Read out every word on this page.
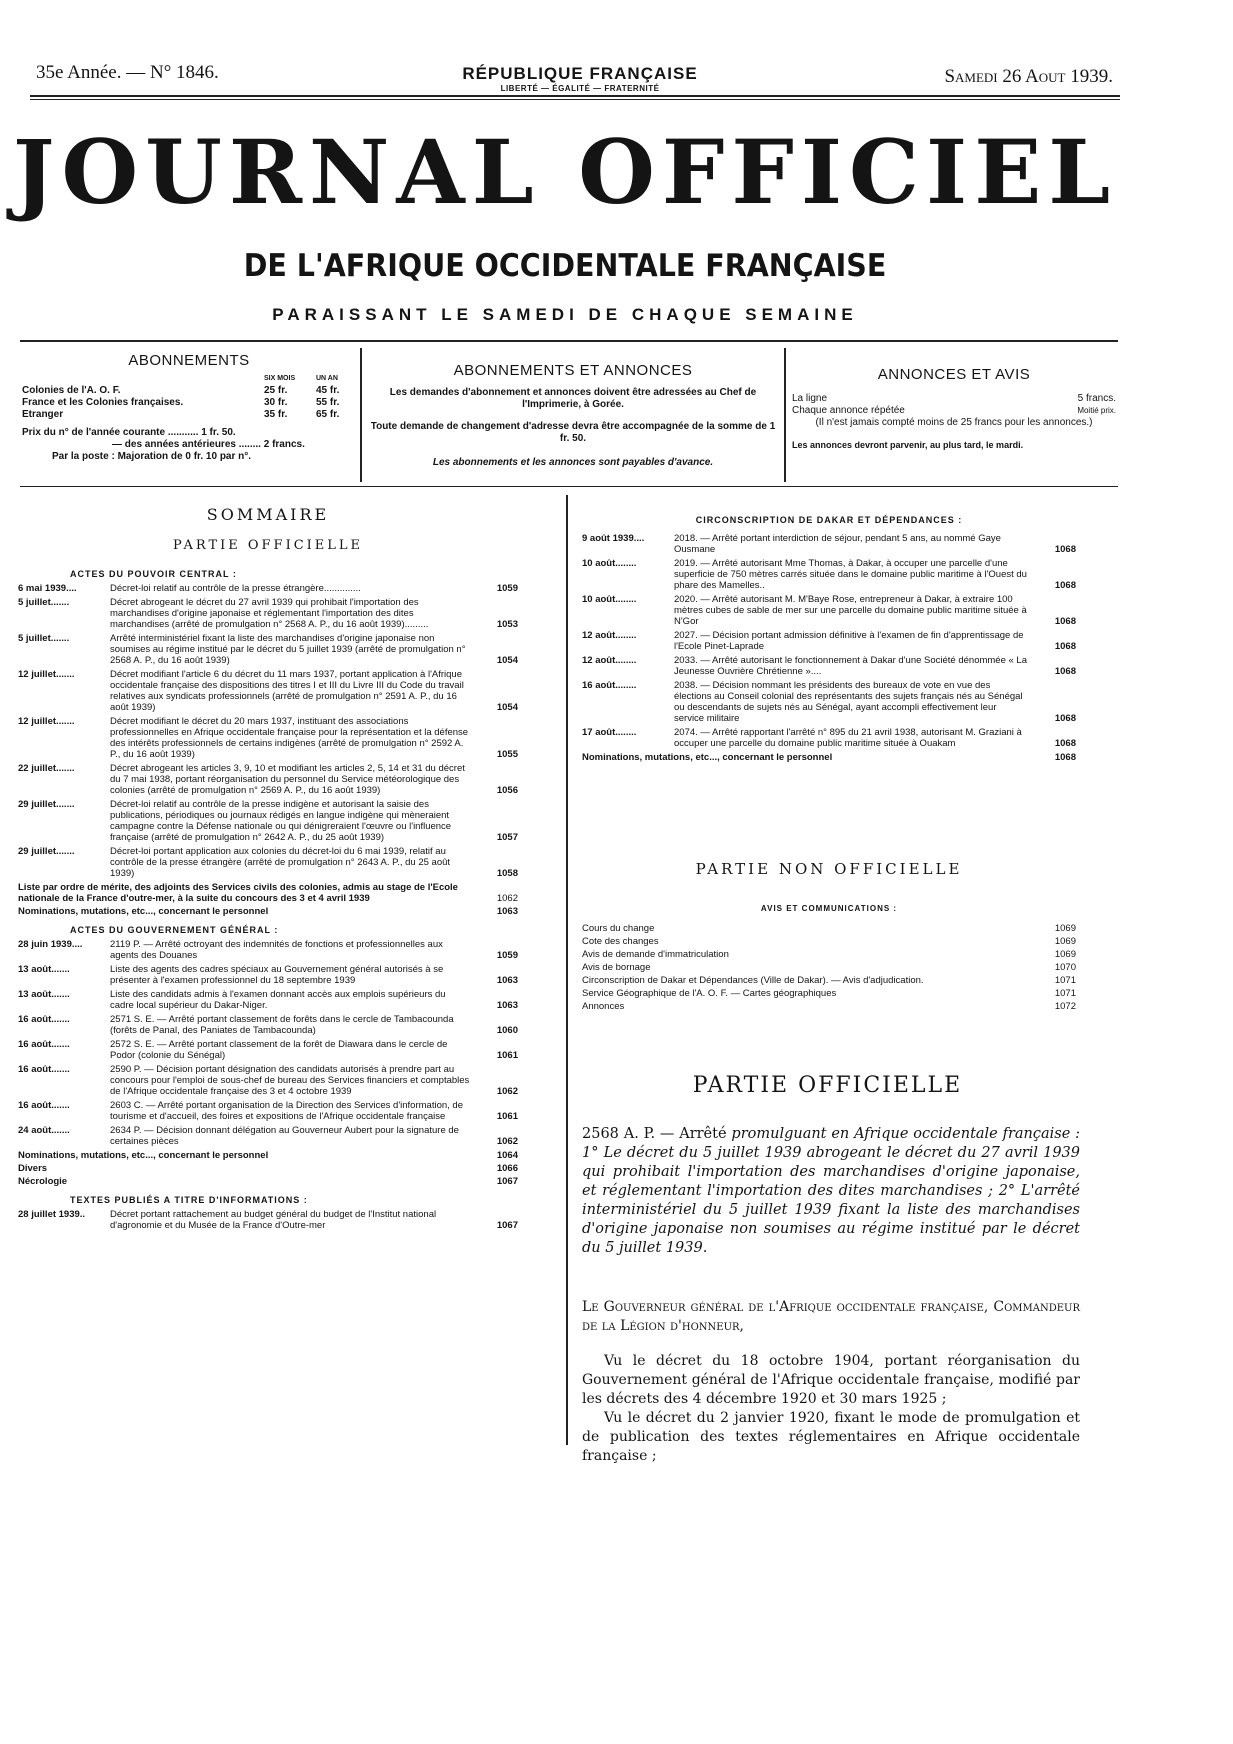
35e Année. — N° 1846.	RÉPUBLIQUE FRANÇAISE
LIBERTÉ — ÉGALITÉ — FRATERNITÉ
Samedi 26 Aout 1939.
JOURNAL OFFICIEL
DE L'AFRIQUE OCCIDENTALE FRANÇAISE
PARAISSANT LE SAMEDI DE CHAQUE SEMAINE
ABONNEMENTS
SIX MOIS	UN AN
Colonies de l'A. O. F.	25 fr.	45 fr.
France et les Colonies françaises.	30 fr.	55 fr.
Etranger	35 fr.	65 fr.
Prix du n° de l'année courante ........... 1 fr. 50.
— des années antérieures ........ 2 francs.
Par la poste : Majoration de 0 fr. 10 par n°.
ABONNEMENTS ET ANNONCES
Les demandes d'abonnement et annonces doivent être adressées au Chef de l'Imprimerie, à Gorée.
Toute demande de changement d'adresse devra être accompagnée de la somme de 1 fr. 50.
Les abonnements et les annonces sont payables d'avance.
ANNONCES ET AVIS
La ligne	5 francs.
Chaque annonce répétée	Moitié prix.
(Il n'est jamais compté moins de 25 francs pour les annonces.)
Les annonces devront parvenir, au plus tard, le mardi.
SOMMAIRE
PARTIE OFFICIELLE
ACTES DU POUVOIR CENTRAL :
6 mai 1939....	Décret-loi relatif au contrôle de la presse étrangère..............	1059
5 juillet.......	Décret abrogeant le décret du 27 avril 1939 qui prohibait l'importation des marchandises d'origine japonaise et réglementant l'importation des dites marchandises (arrêté de promulgation n° 2568 A. P., du 16 août 1939).........	1053
5 juillet.......	Arrêté interministériel fixant la liste des marchandises d'origine japonaise non soumises au régime institué par le décret du 5 juillet 1939 (arrêté de promulgation n° 2568 A. P., du 16 août 1939)	1054
12 juillet.......	Décret modifiant l'article 6 du décret du 11 mars 1937, portant application à l'Afrique occidentale française des dispositions des titres I et III du Livre III du Code du travail relatives aux syndicats professionnels (arrêté de promulgation n° 2591 A. P., du 16 août 1939)	1054
12 juillet.......	Décret modifiant le décret du 20 mars 1937, instituant des associations professionnelles en Afrique occidentale française pour la représentation et la défense des intérêts professionnels de certains indigènes (arrêté de promulgation n° 2592 A. P., du 16 août 1939)	1055
22 juillet.......	Décret abrogeant les articles 3, 9, 10 et modifiant les articles 2, 5, 14 et 31 du décret du 7 mai 1938, portant réorganisation du personnel du Service météorologique des colonies (arrêté de promulgation n° 2569 A. P., du 16 août 1939)	1056
29 juillet.......	Décret-loi relatif au contrôle de la presse indigène et autorisant la saisie des publications, périodiques ou journaux rédigés en langue indigène qui mèneraient campagne contre la Défense nationale ou qui dénigreraient l'œuvre ou l'influence française (arrêté de promulgation n° 2642 A. P., du 25 août 1939)	1057
29 juillet.......	Décret-loi portant application aux colonies du décret-loi du 6 mai 1939, relatif au contrôle de la presse étrangère (arrêté de promulgation n° 2643 A. P., du 25 août 1939)	1058
Liste par ordre de mérite, des adjoints des Services civils des colonies, admis au stage de l'Ecole nationale de la France d'outre-mer, à la suite du concours des 3 et 4 avril 1939	1062
Nominations, mutations, etc..., concernant le personnel	1063
ACTES DU GOUVERNEMENT GÉNÉRAL :
28 juin 1939....	2119 P. — Arrêté octroyant des indemnités de fonctions et professionnelles aux agents des Douanes	1059
13 août.......	Liste des agents des cadres spéciaux au Gouvernement général autorisés à se présenter à l'examen professionnel du 18 septembre 1939	1063
13 août.......	Liste des candidats admis à l'examen donnant accès aux emplois supérieurs du cadre local supérieur du Dakar-Niger.	1063
16 août.......	2571 S. E. — Arrêté portant classement de forêts dans le cercle de Tambacounda (forêts de Panal, des Paniates de Tambacounda)	1060
16 août.......	2572 S. E. — Arrêté portant classement de la forêt de Diawara dans le cercle de Podor (colonie du Sénégal)	1061
16 août.......	2590 P. — Décision portant désignation des candidats autorisés à prendre part au concours pour l'emploi de sous-chef de bureau des Services financiers et comptables de l'Afrique occidentale française des 3 et 4 octobre 1939	1062
16 août.......	2603 C. — Arrêté portant organisation de la Direction des Services d'information, de tourisme et d'accueil, des foires et expositions de l'Afrique occidentale française	1061
24 août.......	2634 P. — Décision donnant délégation au Gouverneur Aubert pour la signature de certaines pièces	1062
Nominations, mutations, etc..., concernant le personnel	1064
Divers	1066
Nécrologie	1067
TEXTES PUBLIÉS A TITRE D'INFORMATIONS :
28 juillet 1939..	Décret portant rattachement au budget général du budget de l'Institut national d'agronomie et du Musée de la France d'Outre-mer	1067
CIRCONSCRIPTION DE DAKAR ET DÉPENDANCES :
9 août 1939....	2018. — Arrêté portant interdiction de séjour, pendant 5 ans, au nommé Gaye Ousmane	1068
10 août........	2019. — Arrêté autorisant Mme Thomas, à Dakar, à occuper une parcelle d'une superficie de 750 mètres carrés située dans le domaine public maritime à l'Ouest du phare des Mamelles..	1068
10 août........	2020. — Arrêté autorisant M. M'Baye Rose, entrepreneur à Dakar, à extraire 100 mètres cubes de sable de mer sur une parcelle du domaine public maritime située à N'Gor	1068
12 août........	2027. — Décision portant admission définitive à l'examen de fin d'apprentissage de l'Ecole Pinet-Laprade	1068
12 août........	2033. — Arrêté autorisant le fonctionnement à Dakar d'une Société dénommée « La Jeunesse Ouvrière Chrétienne »....	1068
16 août........	2038. — Décision nommant les présidents des bureaux de vote en vue des élections au Conseil colonial des représentants des sujets français nés au Sénégal ou descendants de sujets nés au Sénégal, ayant accompli effectivement leur service militaire	1068
17 août........	2074. — Arrêté rapportant l'arrêté n° 895 du 21 avril 1938, autorisant M. Graziani à occuper une parcelle du domaine public maritime située à Ouakam	1068
Nominations, mutations, etc..., concernant le personnel	1068
PARTIE NON OFFICIELLE
AVIS ET COMMUNICATIONS :
Cours du change	1069
Cote des changes	1069
Avis de demande d'immatriculation	1069
Avis de bornage	1070
Circonscription de Dakar et Dépendances (Ville de Dakar). — Avis d'adjudication.	1071
Service Géographique de l'A. O. F. — Cartes géographiques	1071
Annonces	1072
PARTIE OFFICIELLE
2568 A. P. — Arrêté promulguant en Afrique occidentale française : 1° Le décret du 5 juillet 1939 abrogeant le décret du 27 avril 1939 qui prohibait l'importation des marchandises d'origine japonaise, et réglementant l'importation des dites marchandises ; 2° L'arrêté interministériel du 5 juillet 1939 fixant la liste des marchandises d'origine japonaise non soumises au régime institué par le décret du 5 juillet 1939.
Le Gouverneur général de l'Afrique occidentale française, Commandeur de la Légion d'honneur,
Vu le décret du 18 octobre 1904, portant réorganisation du Gouvernement général de l'Afrique occidentale française, modifié par les décrets des 4 décembre 1920 et 30 mars 1925 ;
Vu le décret du 2 janvier 1920, fixant le mode de promulgation et de publication des textes réglementaires en Afrique occidentale française ;
